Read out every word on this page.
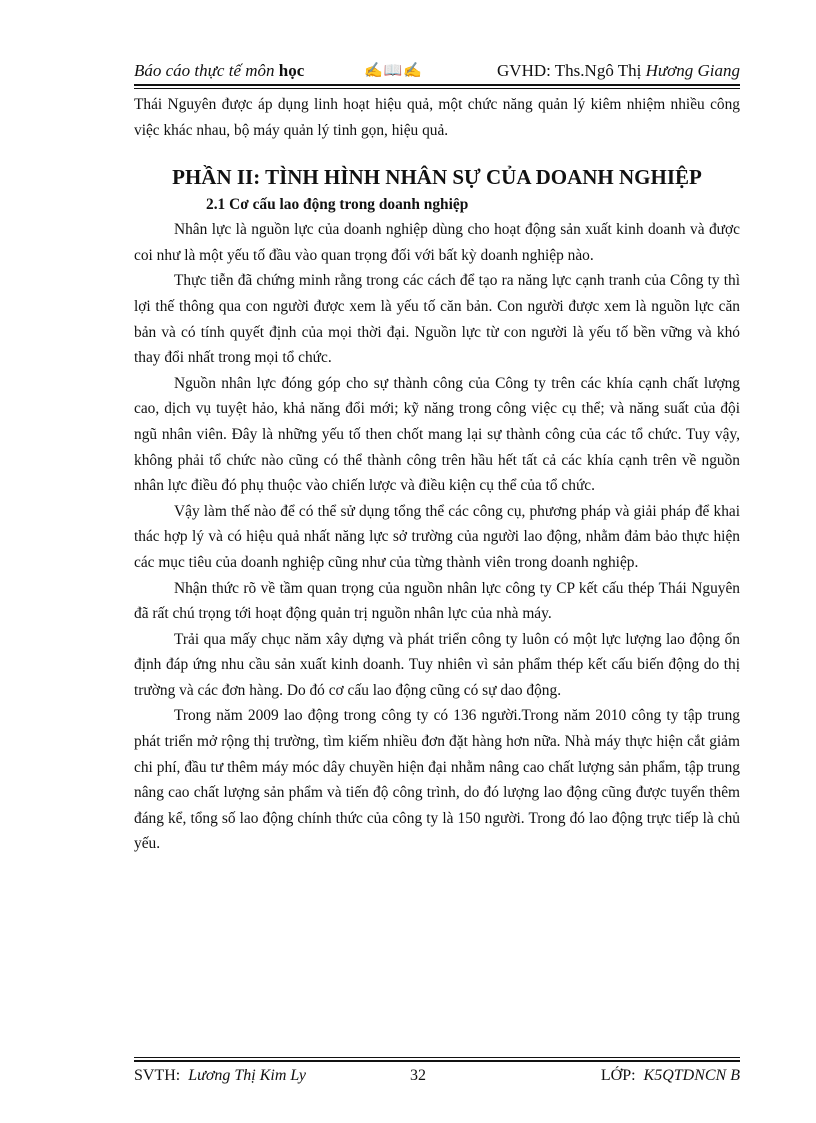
Báo cáo thực tế môn học	✍📖✍	GVHD: Ths.Ngô Thị Hương Giang

Thái Nguyên được áp dụng linh hoạt hiệu quả, một chức năng quản lý kiêm nhiệm nhiều công việc khác nhau, bộ máy quản lý tinh gọn, hiệu quả.

PHẦN II: TÌNH HÌNH NHÂN SỰ CỦA DOANH NGHIỆP
2.1 Cơ cấu lao động trong doanh nghiệp

Nhân lực là nguồn lực của doanh nghiệp dùng cho hoạt động sản xuất kinh doanh và được coi như là một yếu tố đầu vào quan trọng đối với bất kỳ doanh nghiệp nào.

Thực tiễn đã chứng minh rằng trong các cách để tạo ra năng lực cạnh tranh của Công ty thì lợi thế thông qua con người được xem là yếu tố căn bản. Con người được xem là nguồn lực căn bản và có tính quyết định của mọi thời đại. Nguồn lực từ con người là yếu tố bền vững và khó thay đổi nhất trong mọi tổ chức.

Nguồn nhân lực đóng góp cho sự thành công của Công ty trên các khía cạnh chất lượng cao, dịch vụ tuyệt hảo, khả năng đổi mới; kỹ năng trong công việc cụ thể; và năng suất của đội ngũ nhân viên. Đây là những yếu tố then chốt mang lại sự thành công của các tổ chức. Tuy vậy, không phải tổ chức nào cũng có thể thành công trên hầu hết tất cả các khía cạnh trên về nguồn nhân lực điều đó phụ thuộc vào chiến lược và điều kiện cụ thể của tổ chức.

Vậy làm thế nào để có thể sử dụng tổng thể các công cụ, phương pháp và giải pháp để khai thác hợp lý và có hiệu quả nhất năng lực sở trường của người lao động, nhằm đảm bảo thực hiện các mục tiêu của doanh nghiệp cũng như của từng thành viên trong doanh nghiệp.

Nhận thức rõ về tầm quan trọng của nguồn nhân lực công ty CP kết cấu thép Thái Nguyên đã rất chú trọng tới hoạt động quản trị nguồn nhân lực của nhà máy.

Trải qua mấy chục năm xây dựng và phát triển công ty luôn có một lực lượng lao động ổn định đáp ứng nhu cầu sản xuất kinh doanh. Tuy nhiên vì sản phẩm thép kết cấu biến động do thị trường và các đơn hàng. Do đó cơ cấu lao động cũng có sự dao động.

Trong năm 2009 lao động trong công ty có 136 người.Trong năm 2010 công ty tập trung phát triển mở rộng thị trường, tìm kiếm nhiều đơn đặt hàng hơn nữa. Nhà máy thực hiện cắt giảm chi phí, đầu tư thêm máy móc dây chuyền hiện đại nhằm nâng cao chất lượng sản phẩm, tập trung nâng cao chất lượng sản phẩm và tiến độ công trình, do đó lượng lao động cũng được tuyển thêm đáng kể, tổng số lao động chính thức của công ty là 150 người. Trong đó lao động trực tiếp là chủ yếu.

SVTH: Lương Thị Kim Ly	32	LỚP: K5QTDNCN B
